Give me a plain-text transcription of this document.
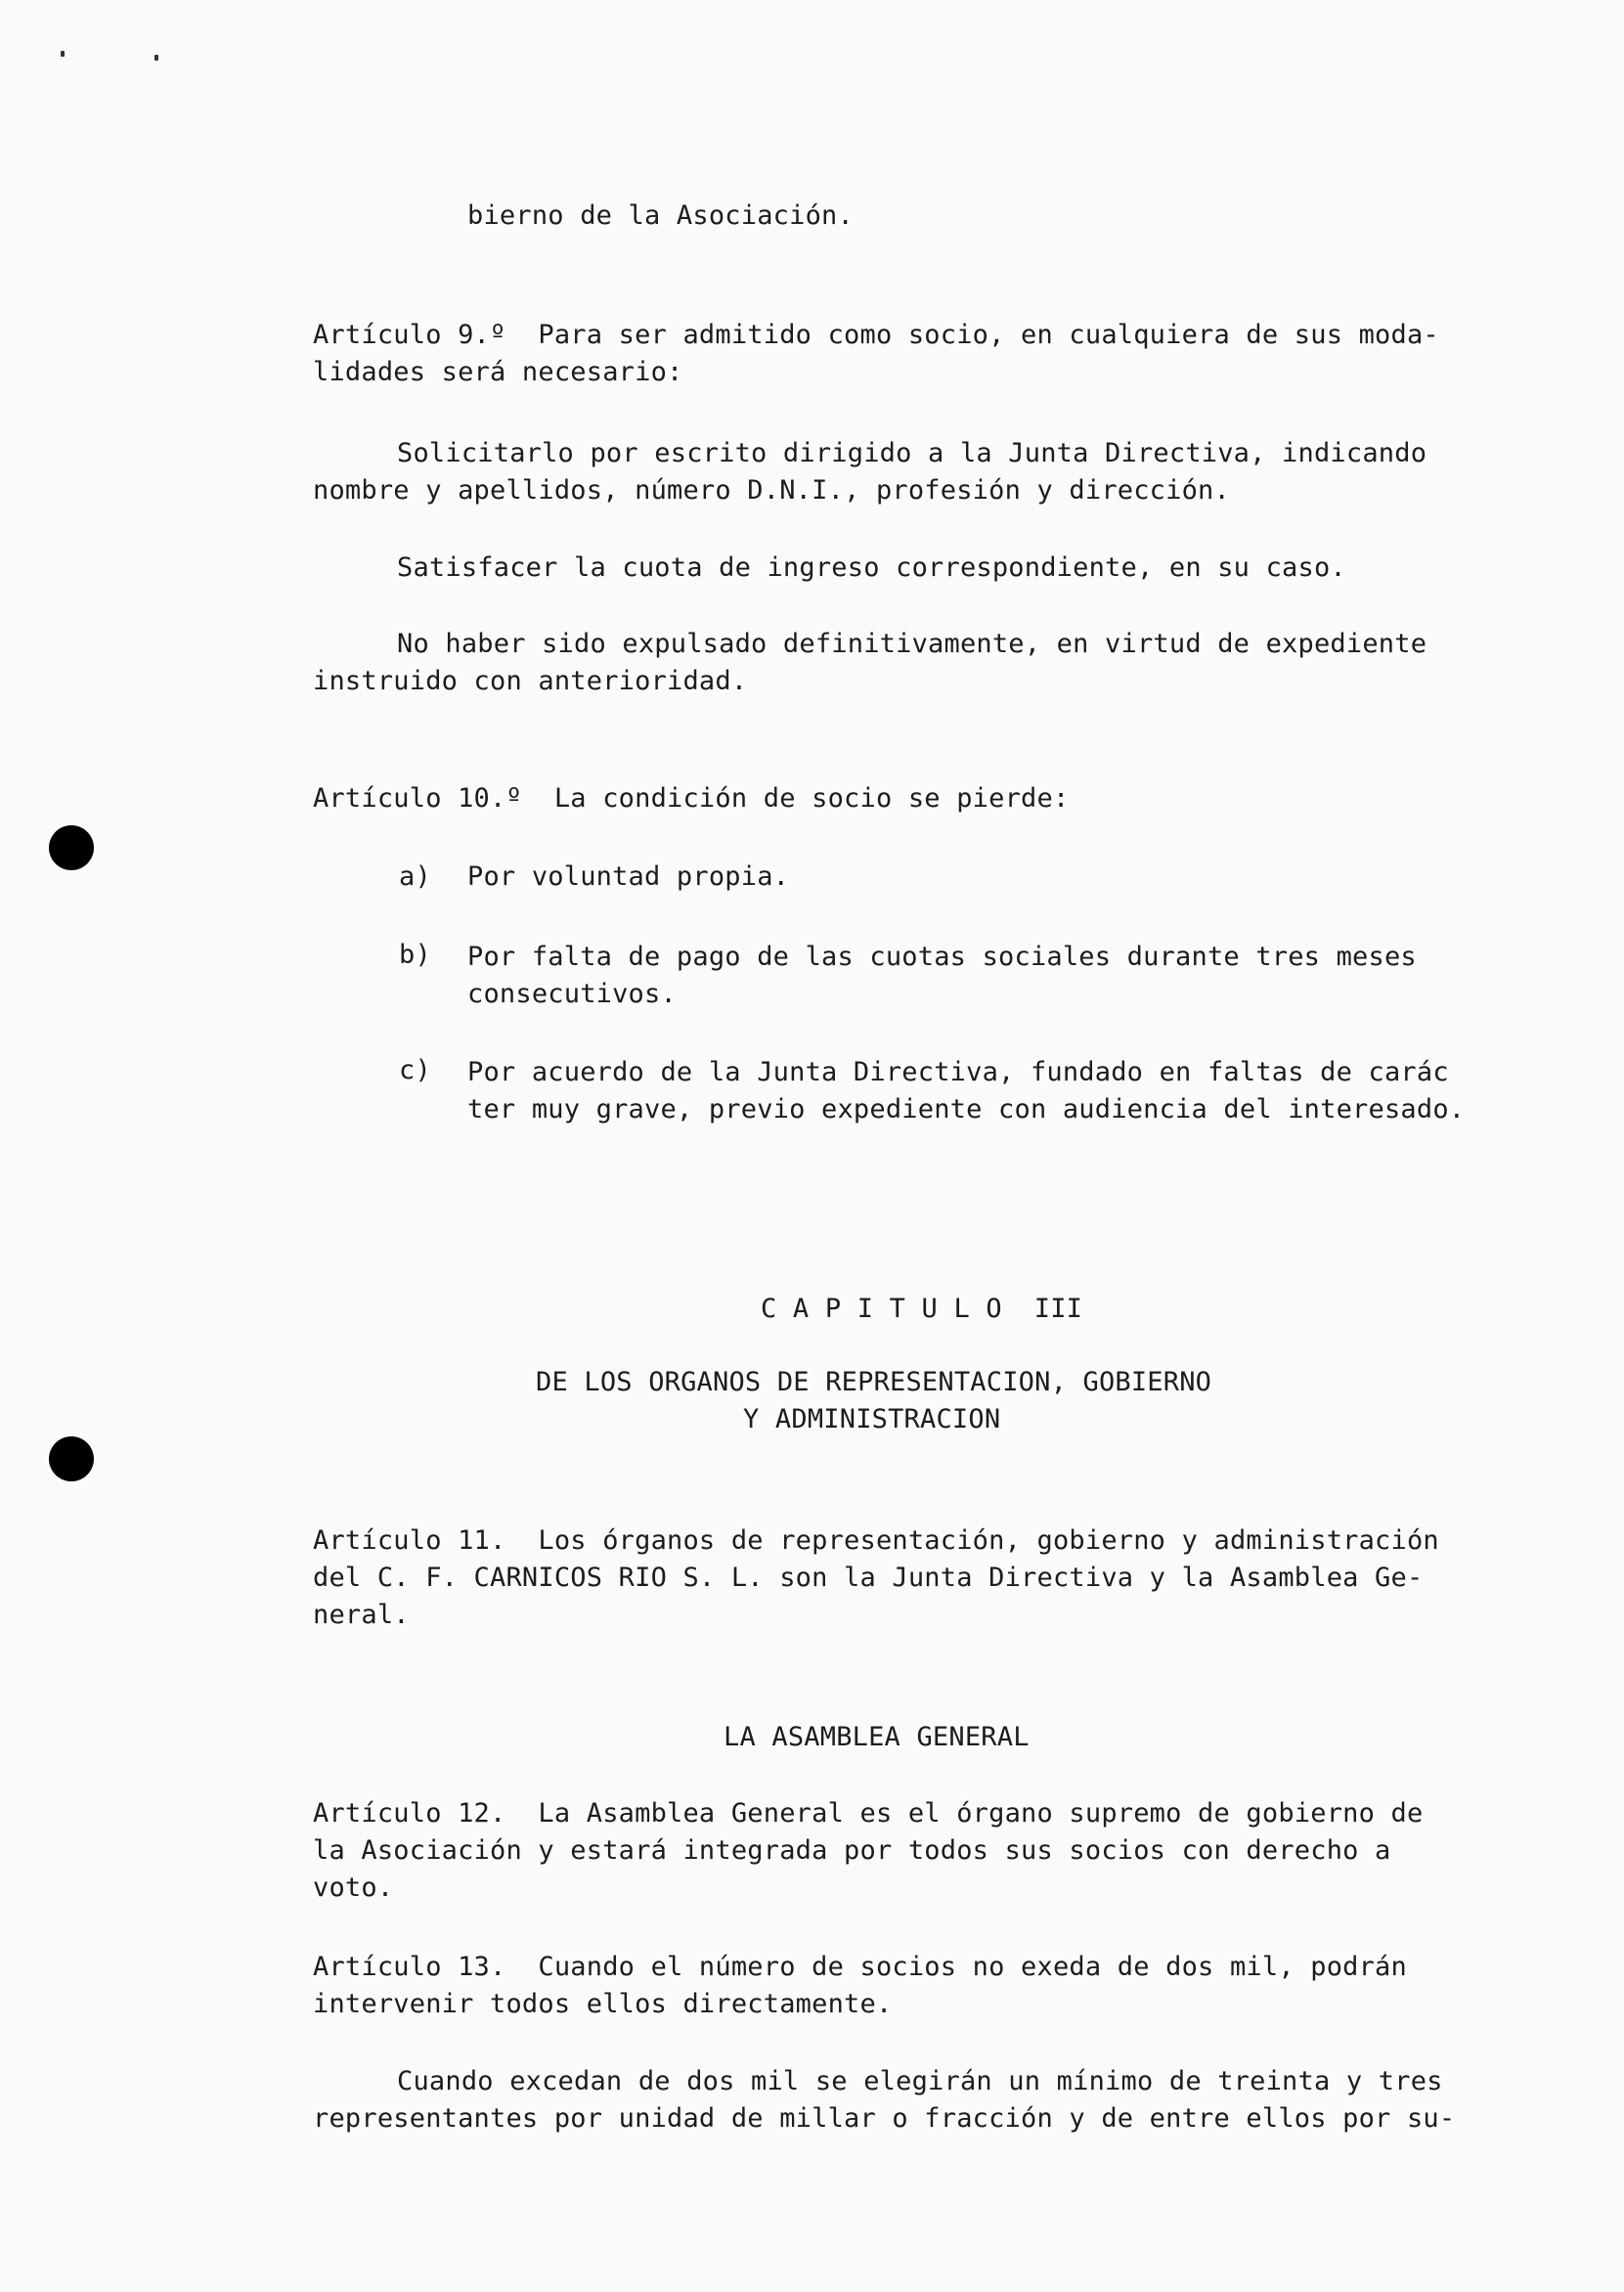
bierno de la Asociación.
Artículo 9.º  Para ser admitido como socio, en cualquiera de sus moda-
lidades será necesario:
Solicitarlo por escrito dirigido a la Junta Directiva, indicando
nombre y apellidos, número D.N.I., profesión y dirección.
Satisfacer la cuota de ingreso correspondiente, en su caso.
No haber sido expulsado definitivamente, en virtud de expediente
instruido con anterioridad.
Artículo 10.º  La condición de socio se pierde:
a) Por voluntad propia.
b) Por falta de pago de las cuotas sociales durante tres meses
consecutivos.
c) Por acuerdo de la Junta Directiva, fundado en faltas de carác
ter muy grave, previo expediente con audiencia del interesado.
C A P I T U L O  III
DE LOS ORGANOS DE REPRESENTACION, GOBIERNO
Y ADMINISTRACION
Artículo 11.  Los órganos de representación, gobierno y administración
del C. F. CARNICOS RIO S. L. son la Junta Directiva y la Asamblea Ge-
neral.
LA ASAMBLEA GENERAL
Artículo 12.  La Asamblea General es el órgano supremo de gobierno de
la Asociación y estará integrada por todos sus socios con derecho a
voto.
Artículo 13.  Cuando el número de socios no exeda de dos mil, podrán
intervenir todos ellos directamente.
Cuando excedan de dos mil se elegirán un mínimo de treinta y tres
representantes por unidad de millar o fracción y de entre ellos por su-
